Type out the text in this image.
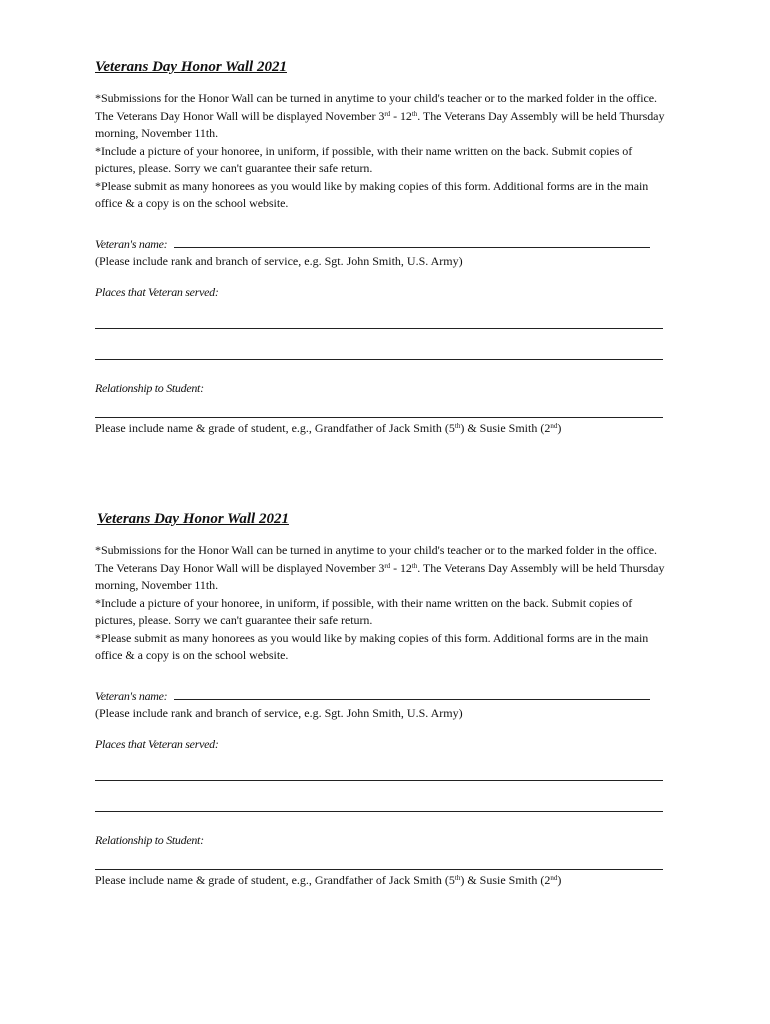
Veterans Day Honor Wall 2021

*Submissions for the Honor Wall can be turned in anytime to your child's teacher or to the marked folder in the office. The Veterans Day Honor Wall will be displayed November 3rd - 12th. The Veterans Day Assembly will be held Thursday morning, November 11th.

*Include a picture of your honoree, in uniform, if possible, with their name written on the back. Submit copies of pictures, please. Sorry we can't guarantee their safe return.

*Please submit as many honorees as you would like by making copies of this form. Additional forms are in the main office & a copy is on the school website.

Veteran's name:
(Please include rank and branch of service, e.g. Sgt. John Smith, U.S. Army)
Places that Veteran served:
Relationship to Student:
Please include name & grade of student, e.g., Grandfather of Jack Smith (5th) & Susie Smith (2nd)
Veterans Day Honor Wall 2021

*Submissions for the Honor Wall can be turned in anytime to your child's teacher or to the marked folder in the office. The Veterans Day Honor Wall will be displayed November 3rd - 12th. The Veterans Day Assembly will be held Thursday morning, November 11th.

*Include a picture of your honoree, in uniform, if possible, with their name written on the back. Submit copies of pictures, please. Sorry we can't guarantee their safe return.

*Please submit as many honorees as you would like by making copies of this form. Additional forms are in the main office & a copy is on the school website.

Veteran's name:
(Please include rank and branch of service, e.g. Sgt. John Smith, U.S. Army)
Places that Veteran served:
Relationship to Student:
Please include name & grade of student, e.g., Grandfather of Jack Smith (5th) & Susie Smith (2nd)
